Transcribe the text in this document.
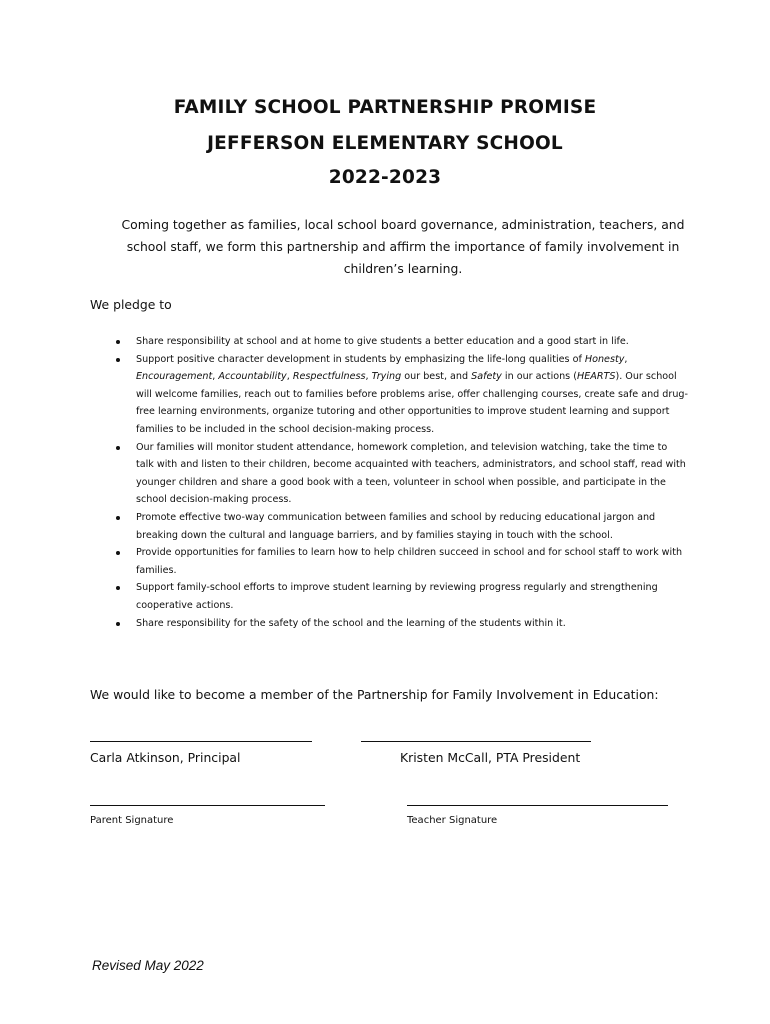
FAMILY SCHOOL PARTNERSHIP PROMISE
JEFFERSON ELEMENTARY SCHOOL
2022-2023
Coming together as families, local school board governance, administration, teachers, and school staff, we form this partnership and affirm the importance of family involvement in children’s learning.
We pledge to
Share responsibility at school and at home to give students a better education and a good start in life.
Support positive character development in students by emphasizing the life-long qualities of Honesty, Encouragement, Accountability, Respectfulness, Trying our best, and Safety in our actions (HEARTS). Our school will welcome families, reach out to families before problems arise, offer challenging courses, create safe and drug-free learning environments, organize tutoring and other opportunities to improve student learning and support families to be included in the school decision-making process.
Our families will monitor student attendance, homework completion, and television watching, take the time to talk with and listen to their children, become acquainted with teachers, administrators, and school staff, read with younger children and share a good book with a teen, volunteer in school when possible, and participate in the school decision-making process.
Promote effective two-way communication between families and school by reducing educational jargon and breaking down the cultural and language barriers, and by families staying in touch with the school.
Provide opportunities for families to learn how to help children succeed in school and for school staff to work with families.
Support family-school efforts to improve student learning by reviewing progress regularly and strengthening cooperative actions.
Share responsibility for the safety of the school and the learning of the students within it.
We would like to become a member of the Partnership for Family Involvement in Education:
Carla Atkinson, Principal	Kristen McCall, PTA President
Parent Signature	Teacher Signature
Revised May 2022
